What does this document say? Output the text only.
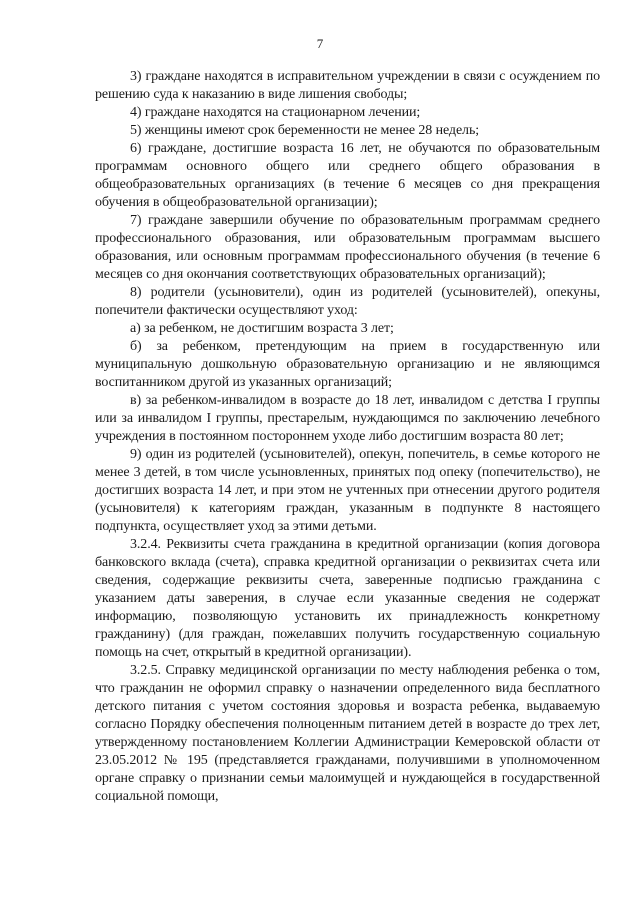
7

3) граждане находятся в исправительном учреждении в связи с осуждением по решению суда к наказанию в виде лишения свободы;

4) граждане находятся на стационарном лечении;

5) женщины имеют срок беременности не менее 28 недель;

6) граждане, достигшие возраста 16 лет, не обучаются по образовательным программам основного общего или среднего общего образования в общеобразовательных организациях (в течение 6 месяцев со дня прекращения обучения в общеобразовательной организации);

7) граждане завершили обучение по образовательным программам среднего профессионального образования, или образовательным программам высшего образования, или основным программам профессионального обучения (в течение 6 месяцев со дня окончания соответствующих образовательных организаций);

8) родители (усыновители), один из родителей (усыновителей), опекуны, попечители фактически осуществляют уход:

а) за ребенком, не достигшим возраста 3 лет;

б) за ребенком, претендующим на прием в государственную или муниципальную дошкольную образовательную организацию и не являющимся воспитанником другой из указанных организаций;

в) за ребенком-инвалидом в возрасте до 18 лет, инвалидом с детства I группы или за инвалидом I группы, престарелым, нуждающимся по заключению лечебного учреждения в постоянном постороннем уходе либо достигшим возраста 80 лет;

9) один из родителей (усыновителей), опекун, попечитель, в семье которого не менее 3 детей, в том числе усыновленных, принятых под опеку (попечительство), не достигших возраста 14 лет, и при этом не учтенных при отнесении другого родителя (усыновителя) к категориям граждан, указанным в подпункте 8 настоящего подпункта, осуществляет уход за этими детьми.

3.2.4. Реквизиты счета гражданина в кредитной организации (копия договора банковского вклада (счета), справка кредитной организации о реквизитах счета или сведения, содержащие реквизиты счета, заверенные подписью гражданина с указанием даты заверения, в случае если указанные сведения не содержат информацию, позволяющую установить их принадлежность конкретному гражданину) (для граждан, пожелавших получить государственную социальную помощь на счет, открытый в кредитной организации).

3.2.5. Справку медицинской организации по месту наблюдения ребенка о том, что гражданин не оформил справку о назначении определенного вида бесплатного детского питания с учетом состояния здоровья и возраста ребенка, выдаваемую согласно Порядку обеспечения полноценным питанием детей в возрасте до трех лет, утвержденному постановлением Коллегии Администрации Кемеровской области от 23.05.2012 № 195 (представляется гражданами, получившими в уполномоченном органе справку о признании семьи малоимущей и нуждающейся в государственной социальной помощи,
